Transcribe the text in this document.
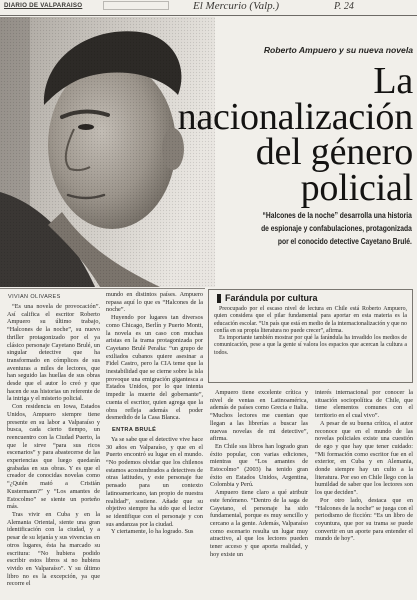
DIARIO DE VALPARAISO	El Mercurio (Valp.)	P. 24
Roberto Ampuero y su nueva novela
La
nacionalización
del género
policial
“Halcones de la noche” desarrolla una historia
de espionaje y confabulaciones, protagonizada
por el conocido detective Cayetano Brulé.
VIVIAN OLIVARES

“Es una novela de provocación”. Así califica el escritor Roberto Ampuero su último trabajo, “Halcones de la noche”, su nuevo thriller protagonizado por el ya clásico personaje Cayetano Brulé, un singular detective que ha transformado en cómplices de sus aventuras a miles de lectores, que han seguido las huellas de sus obras desde que el autor lo creó y que hacen de sus historias un referente de la intriga y el misterio policial.

Con residencia en Iowa, Estados Unidos, Ampuero siempre tiene presente en su labor a Valparaíso y busca, cada cierto tiempo, un reencuentro con la Ciudad Puerto, la que le sirve “para sus ricos escenarios” y para abastecerse de las experiencias que luego quedarán grabadas en sus obras. Y es que el creador de conocidas novelas como “¿Quién mató a Cristián Kustermann?” y “Los amantes de Estocolmo” se siente un porteño más.

Tras vivir en Cuba y en la Alemania Oriental, siente una gran identificación con la ciudad, y a pesar de su lejanía y sus vivencias en otros lugares, ésta ha marcado su escritura: “No hubiera podido escribir estos libros si no hubiera vivido en Valparaíso”. Y su último libro no es la excepción, ya que recorre el

mundo en distintos países. Ampuero repasa aquí lo que es “Halcones de la noche”.

Huyendo por lugares tan diversos como Chicago, Berlín y Puerto Montt, la novela es un caso con muchas aristas en la trama protagonizada por Cayetano Brulé Peralta: “un grupo de exiliados cubanos quiere asesinar a Fidel Castro, pero la CIA teme que la inestabilidad que se cierne sobre la isla provoque una emigración gigantesca a Estados Unidos, por lo que intenta impedir la muerte del gobernante”, cuenta el escritor, quien agrega que la obra refleja además el poder desmedido de la Casa Blanca.

ENTRA BRULÉ

Ya se sabe que el detective vive hace 30 años en Valparaíso, y que en el Puerto encontró su lugar en el mundo. “No podemos olvidar que los chilenos estamos acostumbrados a detectives de otras latitudes, y este personaje fue pensado para un contexto latinoamericano, tan propio de nuestra realidad”, sostiene. Añade que su objetivo siempre ha sido que el lector se identifique con el personaje y con sus andanzas por la ciudad.

Y ciertamente, lo ha logrado. Sus

Farándula por cultura

Preocupado por el escaso nivel de lectura en Chile está Roberto Ampuero, quien considera que el pilar fundamental para aportar en esta materia es la educación escolar. “Un país que está en medio de la internacionalización y que no confía en su propia literatura no puede crecer”, afirma.

Es importante también mostrar por qué la farándula ha invadido los medios de comunicación, pese a que la gente sí valora los espacios que acercan la cultura a todos.

Ampuero tiene excelente crítica y nivel de ventas en Latinoamérica, además de países como Grecia e Italia. “Muchos lectores me cuentan que llegan a las librerías a buscar las nuevas novelas de mi detective”, afirma.

En Chile sus libros han logrado gran éxito popular, con varias ediciones, mientras que “Los amantes de Estocolmo” (2003) ha tenido gran éxito en Estados Unidos, Argentina, Colombia y Perú.

Ampuero tiene claro a qué atribuir este fenómeno. “Dentro de la saga de Cayetano, el personaje ha sido fundamental, porque es muy sencillo y cercano a la gente. Además, Valparaíso como escenario resulta un lugar muy atractivo, al que los lectores pueden tener acceso y que aporta realidad, y hoy existe un

interés internacional por conocer la situación sociopolítica de Chile, que tiene elementos comunes con el territorio en el cual vivo”.

A pesar de su buena crítica, el autor reconoce que en el mundo de las novelas policiales existe una cuestión de ego y que hay que tener cuidado: “Mi formación como escritor fue en el exterior, en Cuba y en Alemania, donde siempre hay un culto a la literatura. Por eso en Chile llego con la humildad de saber que los lectores son los que deciden”.

Por otro lado, destaca que en “Halcones de la noche” se juega con el periodismo de ficción: “Es un libro de coyuntura, que por su trama se puede convertir en un aporte para entender el mundo de hoy”.
